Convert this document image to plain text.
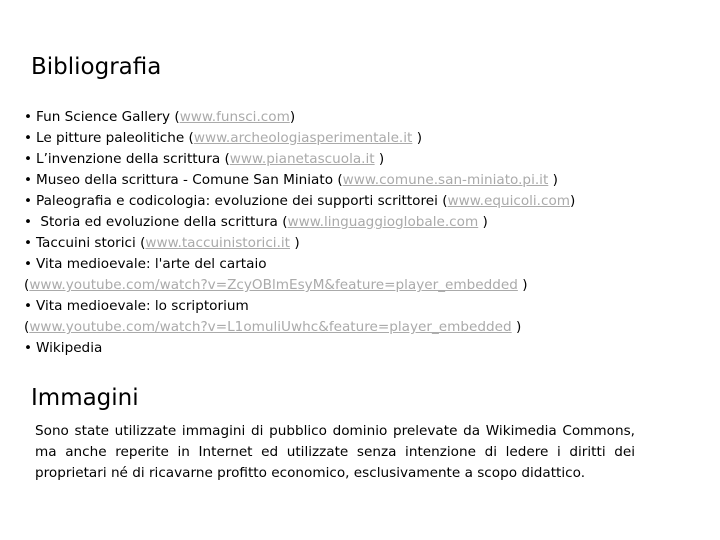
Bibliografia
• Fun Science Gallery (www.funsci.com)
• Le pitture paleolitiche (www.archeologiasperimentale.it )
• L’invenzione della scrittura (www.pianetascuola.it )
• Museo della scrittura - Comune San Miniato (www.comune.san-miniato.pi.it )
• Paleografia e codicologia: evoluzione dei supporti scrittorei (www.equicoli.com)
• Storia ed evoluzione della scrittura (www.linguaggioglobale.com )
• Taccuini storici (www.taccuinistorici.it )
• Vita medioevale: l'arte del cartaio
(www.youtube.com/watch?v=ZcyOBlmEsyM&feature=player_embedded )
• Vita medioevale: lo scriptorium
(www.youtube.com/watch?v=L1omuliUwhc&feature=player_embedded )
• Wikipedia
Immagini
Sono state utilizzate immagini di pubblico dominio prelevate da Wikimedia Commons, ma anche reperite in Internet ed utilizzate senza intenzione di ledere i diritti dei proprietari né di ricavarne profitto economico, esclusivamente a scopo didattico.
